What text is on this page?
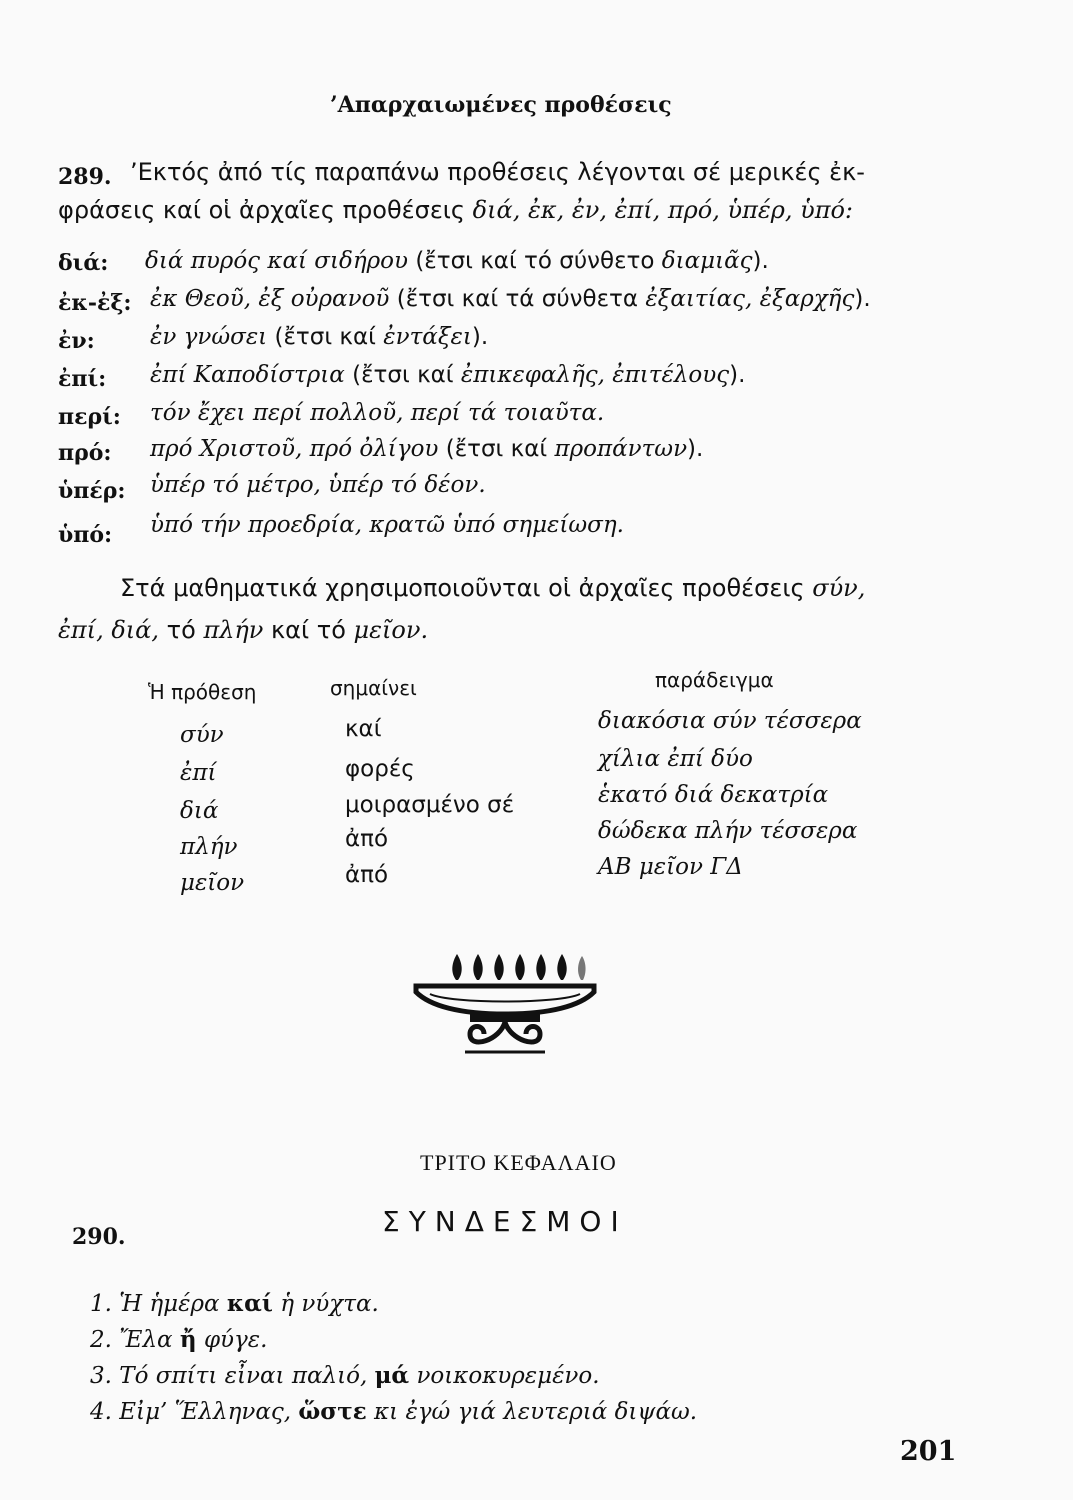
’Απαρχαιωμένες προθέσεις
289. ’Εκτός ἀπό τίς παραπάνω προθέσεις λέγονται σέ μερικές ἐκ-
φράσεις καί οἱ ἀρχαῖες προθέσεις διά, ἐκ, ἐν, ἐπί, πρό, ὑπέρ, ὑπό:
διά: διά πυρός καί σιδήρου (ἔτσι καί τό σύνθετο διαμιᾶς).
ἐκ-ἐξ: ἐκ Θεοῦ, ἐξ οὐρανοῦ (ἔτσι καί τά σύνθετα ἐξαιτίας, ἐξαρχῆς).
ἐν: ἐν γνώσει (ἔτσι καί ἐντάξει).
ἐπί: ἐπί Καποδίστρια (ἔτσι καί ἐπικεφαλῆς, ἐπιτέλους).
περί: τόν ἔχει περί πολλοῦ, περί τά τοιαῦτα.
πρό: πρό Χριστοῦ, πρό ὀλίγου (ἔτσι καί προπάντων).
ὑπέρ: ὑπέρ τό μέτρο, ὑπέρ τό δέον.
ὑπό: ὑπό τήν προεδρία, κρατῶ ὑπό σημείωση.
Στά μαθηματικά χρησιμοποιοῦνται οἱ ἀρχαῖες προθέσεις σύν,
ἐπί, διά, τό πλήν καί τό μεῖον.
Ἡ πρόθεση	σημαίνει	παράδειγμα
σύν	καί	διακόσια σύν τέσσερα
ἐπί	φορές	χίλια ἐπί δύο
διά	μοιρασμένο σέ	ἑκατό διά δεκατρία
πλήν	ἀπό	δώδεκα πλήν τέσσερα
μεῖον	ἀπό	ΑΒ μεῖον ΓΔ
ΤΡΙΤΟ ΚΕΦΑΛΑΙΟ
ΣΥΝΔΕΣΜΟΙ
290.
1. Ἡ ἡμέρα καί ἡ νύχτα.
2. Ἔλα ἤ φύγε.
3. Τό σπίτι εἶναι παλιό, μά νοικοκυρεμένο.
4. Εἰμ’ Ἕλληνας, ὥστε κι ἐγώ γιά λευτεριά διψάω.
201
